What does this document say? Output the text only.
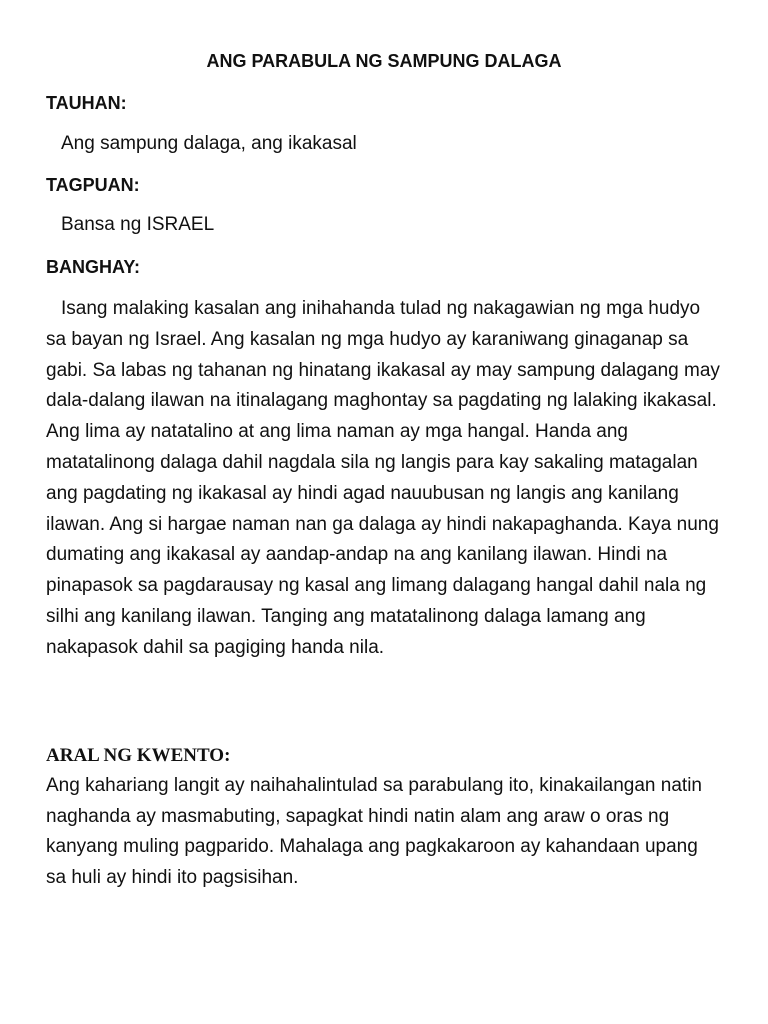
ANG PARABULA NG SAMPUNG DALAGA
TAUHAN:
Ang sampung dalaga, ang ikakasal
TAGPUAN:
Bansa ng ISRAEL
BANGHAY:
Isang malaking kasalan ang inihahanda tulad ng nakagawian ng mga hudyo sa bayan ng Israel. Ang kasalan ng mga hudyo ay karaniwang ginaganap sa gabi. Sa labas ng tahanan ng hinatang ikakasal ay may sampung dalagang may dala-dalang ilawan na itinalagang maghontay sa pagdating ng lalaking ikakasal. Ang lima ay natatalino at ang lima naman ay mga hangal. Handa ang matatalinong dalaga dahil nagdala sila ng langis para kay sakaling matagalan ang pagdating ng ikakasal ay hindi agad nauubusan ng langis ang kanilang ilawan. Ang si hargae naman nan ga dalaga ay hindi nakapaghanda. Kaya nung dumating ang ikakasal ay aandap-andap na ang kanilang ilawan. Hindi na pinapasok sa pagdarausay ng kasal ang limang dalagang hangal dahil nala ng silhi ang kanilang ilawan. Tanging ang matatalinong dalaga lamang ang nakapasok dahil sa pagiging handa nila.
ARAL NG KWENTO:
Ang kahariang langit ay naihahalintulad sa parabulang ito, kinakailangan natin naghanda ay masmabuting, sapagkat hindi natin alam ang araw o oras ng kanyang muling pagparido. Mahalaga ang pagkakaroon ay kahandaan upang sa huli ay hindi ito pagsisihan.
